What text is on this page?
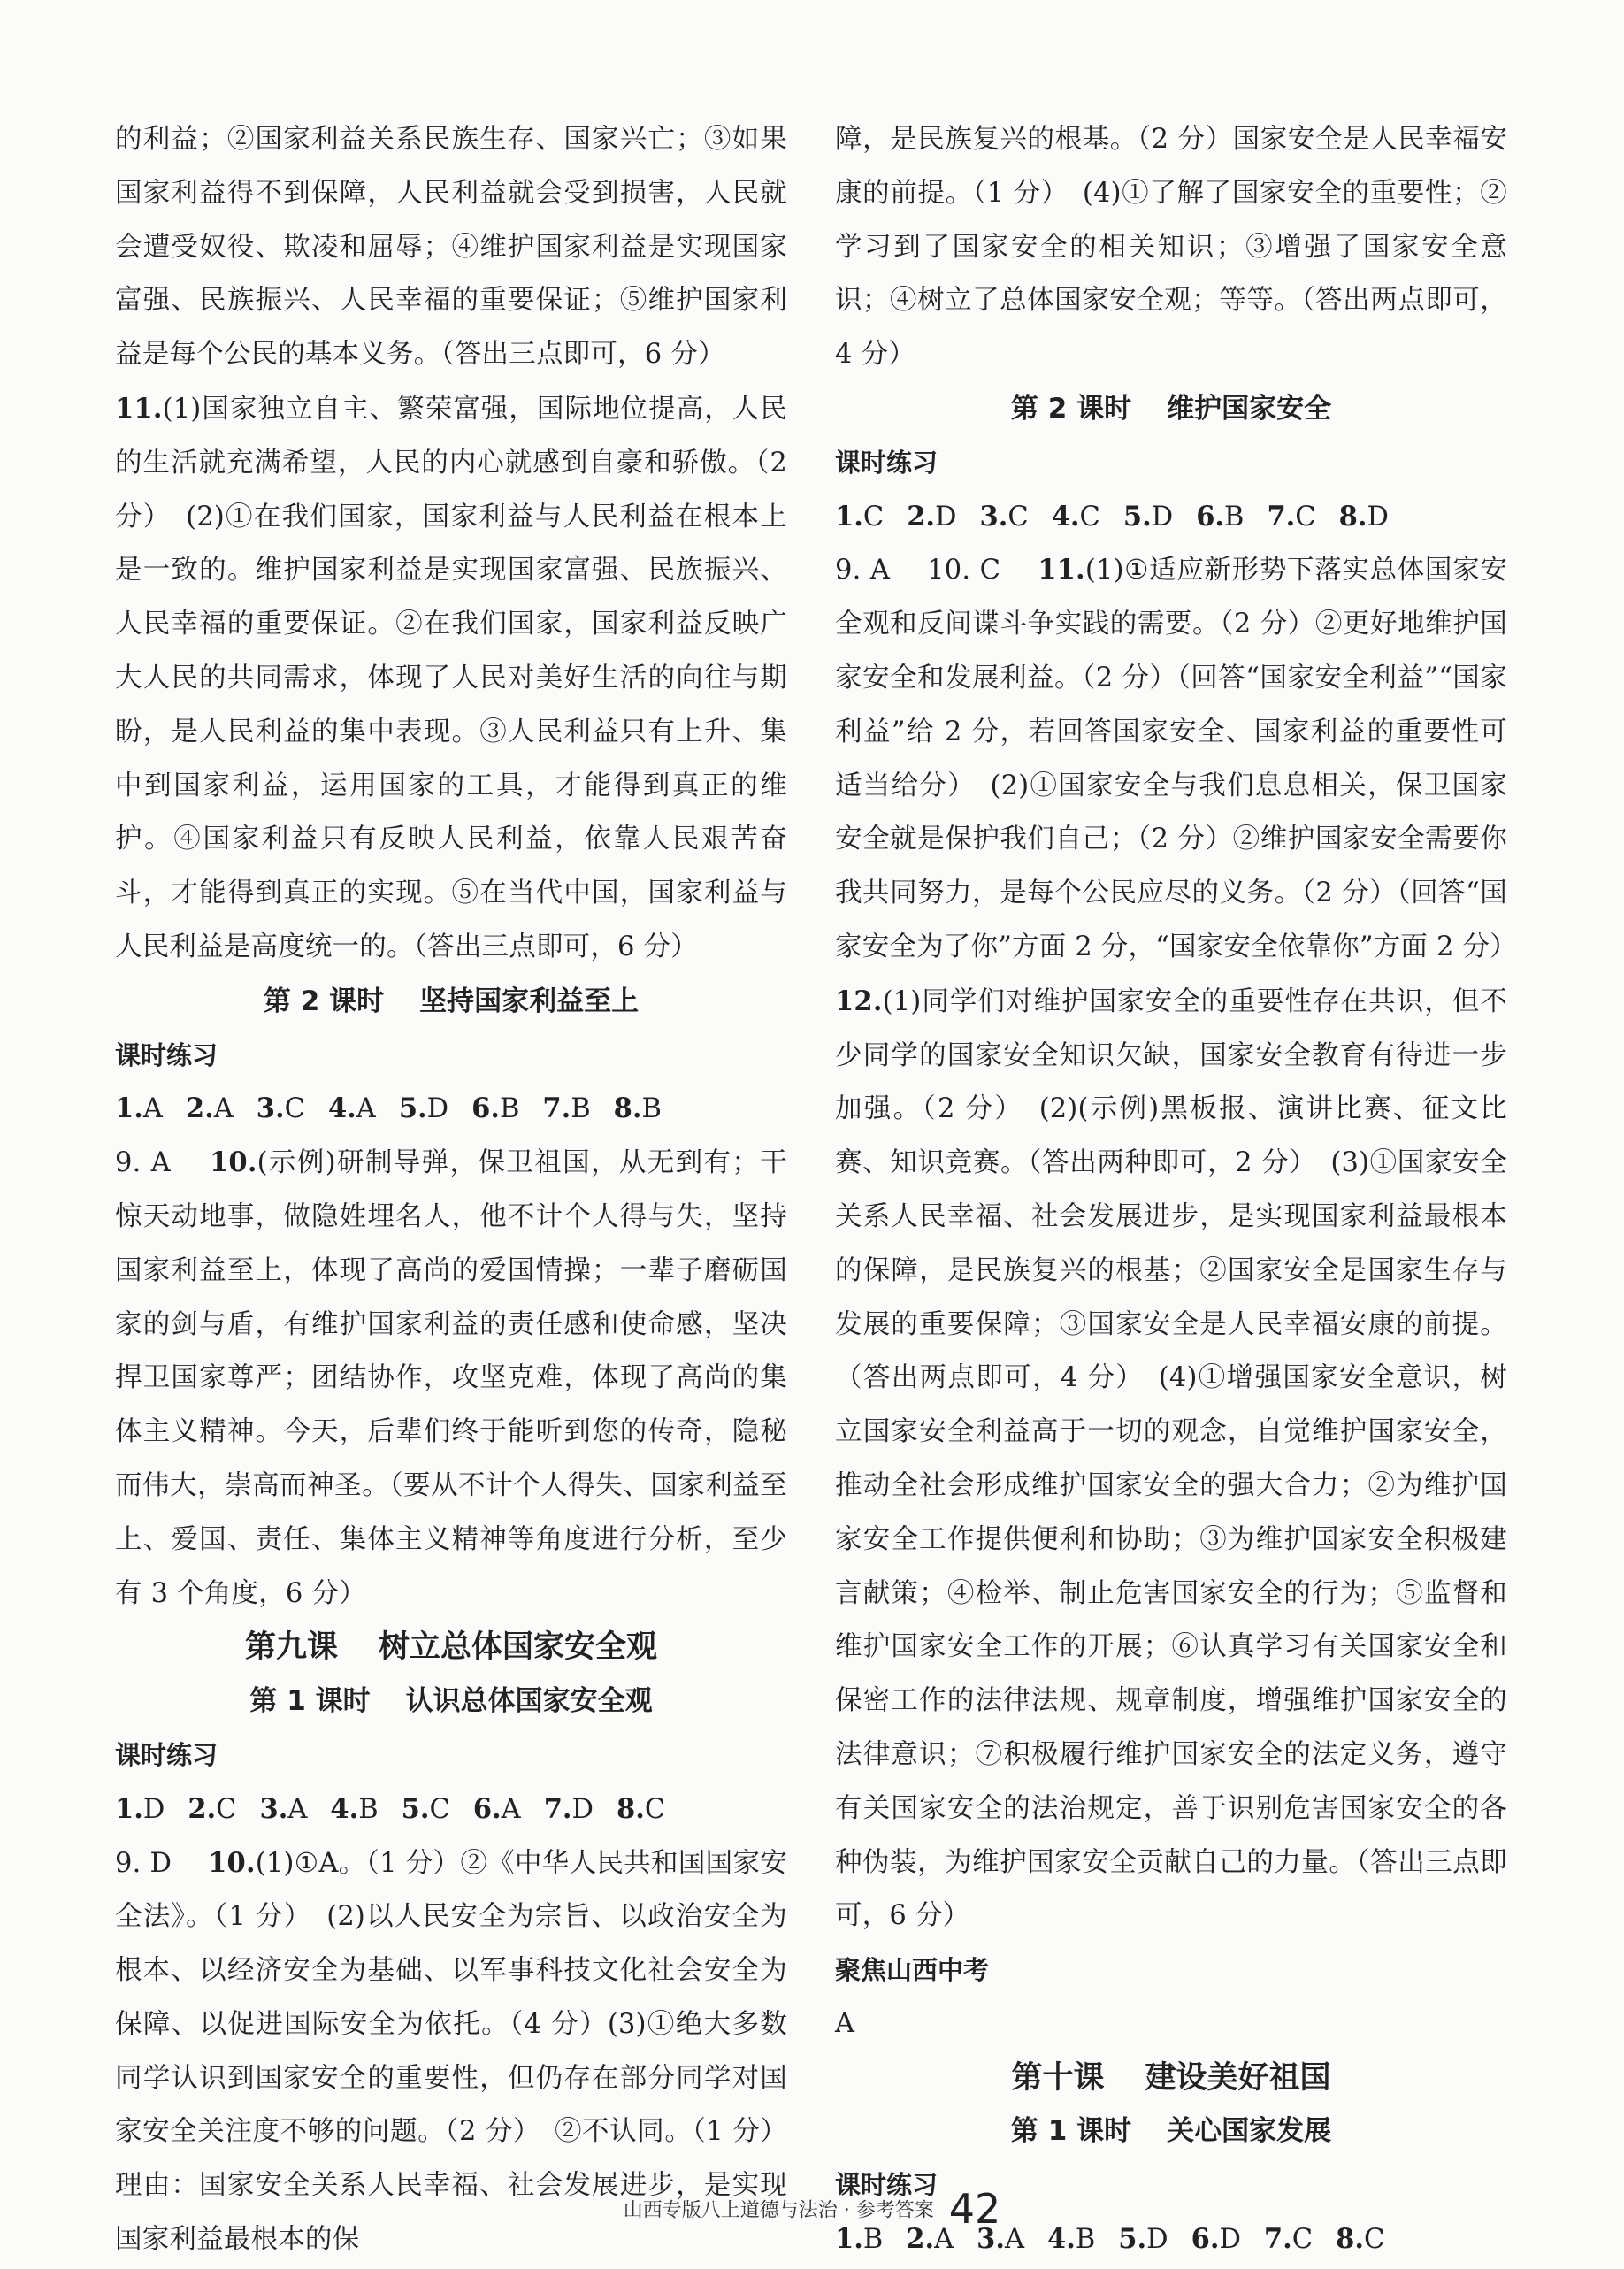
的利益；②国家利益关系民族生存、国家兴亡；③如果国家利益得不到保障，人民利益就会受到损害，人民就会遭受奴役、欺凌和屈辱；④维护国家利益是实现国家富强、民族振兴、人民幸福的重要保证；⑤维护国家利益是每个公民的基本义务。（答出三点即可，6 分）

11.(1)国家独立自主、繁荣富强，国际地位提高，人民的生活就充满希望，人民的内心就感到自豪和骄傲。（2 分）　(2)①在我们国家，国家利益与人民利益在根本上是一致的。维护国家利益是实现国家富强、民族振兴、人民幸福的重要保证。②在我们国家，国家利益反映广大人民的共同需求，体现了人民对美好生活的向往与期盼，是人民利益的集中表现。③人民利益只有上升、集中到国家利益，运用国家的工具，才能得到真正的维护。④国家利益只有反映人民利益，依靠人民艰苦奋斗，才能得到真正的实现。⑤在当代中国，国家利益与人民利益是高度统一的。（答出三点即可，6 分）

第 2 课时 坚持国家利益至上

课时练习

1.A 2.A 3.C 4.A 5.D 6.B 7.B 8.B

9. A　 10.(示例)研制导弹，保卫祖国，从无到有；干惊天动地事，做隐姓埋名人，他不计个人得与失，坚持国家利益至上，体现了高尚的爱国情操；一辈子磨砺国家的剑与盾，有维护国家利益的责任感和使命感，坚决捍卫国家尊严；团结协作，攻坚克难，体现了高尚的集体主义精神。今天，后辈们终于能听到您的传奇，隐秘而伟大，崇高而神圣。（要从不计个人得失、国家利益至上、爱国、责任、集体主义精神等角度进行分析，至少有 3 个角度，6 分）

第九课 树立总体国家安全观

第 1 课时 认识总体国家安全观

课时练习

1.D 2.C 3.A 4.B 5.C 6.A 7.D 8.C

9. D　 10.(1)①A。（1 分）②《中华人民共和国国家安全法》。（1 分）　(2)以人民安全为宗旨、以政治安全为根本、以经济安全为基础、以军事科技文化社会安全为保障、以促进国际安全为依托。（4 分）(3)①绝大多数同学认识到国家安全的重要性，但仍存在部分同学对国家安全关注度不够的问题。（2 分）　②不认同。（1 分）理由：国家安全关系人民幸福、社会发展进步，是实现国家利益最根本的保

障，是民族复兴的根基。（2 分）国家安全是人民幸福安康的前提。（1 分）　(4)①了解了国家安全的重要性；②学习到了国家安全的相关知识；③增强了国家安全意识；④树立了总体国家安全观；等等。（答出两点即可，4 分）

第 2 课时 维护国家安全

课时练习

1.C 2.D 3.C 4.C 5.D 6.B 7.C 8.D

9. A　 10. C　 11.(1)①适应新形势下落实总体国家安全观和反间谍斗争实践的需要。（2 分）②更好地维护国家安全和发展利益。（2 分）（回答“国家安全利益”“国家利益”给 2 分，若回答国家安全、国家利益的重要性可适当给分）　(2)①国家安全与我们息息相关，保卫国家安全就是保护我们自己；（2 分）②维护国家安全需要你我共同努力，是每个公民应尽的义务。（2 分）（回答“国家安全为了你”方面 2 分，“国家安全依靠你”方面 2 分）　 12.(1)同学们对维护国家安全的重要性存在共识，但不少同学的国家安全知识欠缺，国家安全教育有待进一步加强。（2 分）　(2)(示例)黑板报、演讲比赛、征文比赛、知识竞赛。（答出两种即可，2 分）　(3)①国家安全关系人民幸福、社会发展进步，是实现国家利益最根本的保障，是民族复兴的根基；②国家安全是国家生存与发展的重要保障；③国家安全是人民幸福安康的前提。（答出两点即可，4 分）　(4)①增强国家安全意识，树立国家安全利益高于一切的观念，自觉维护国家安全，推动全社会形成维护国家安全的强大合力；②为维护国家安全工作提供便利和协助；③为维护国家安全积极建言献策；④检举、制止危害国家安全的行为；⑤监督和维护国家安全工作的开展；⑥认真学习有关国家安全和保密工作的法律法规、规章制度，增强维护国家安全的法律意识；⑦积极履行维护国家安全的法定义务，遵守有关国家安全的法治规定，善于识别危害国家安全的各种伪装，为维护国家安全贡献自己的力量。（答出三点即可，6 分）

聚焦山西中考

A

第十课 建设美好祖国

第 1 课时 关心国家发展

课时练习

1.B 2.A 3.A 4.B 5.D 6.D 7.C 8.C

山西专版八上道德与法治 · 参考答案 42
